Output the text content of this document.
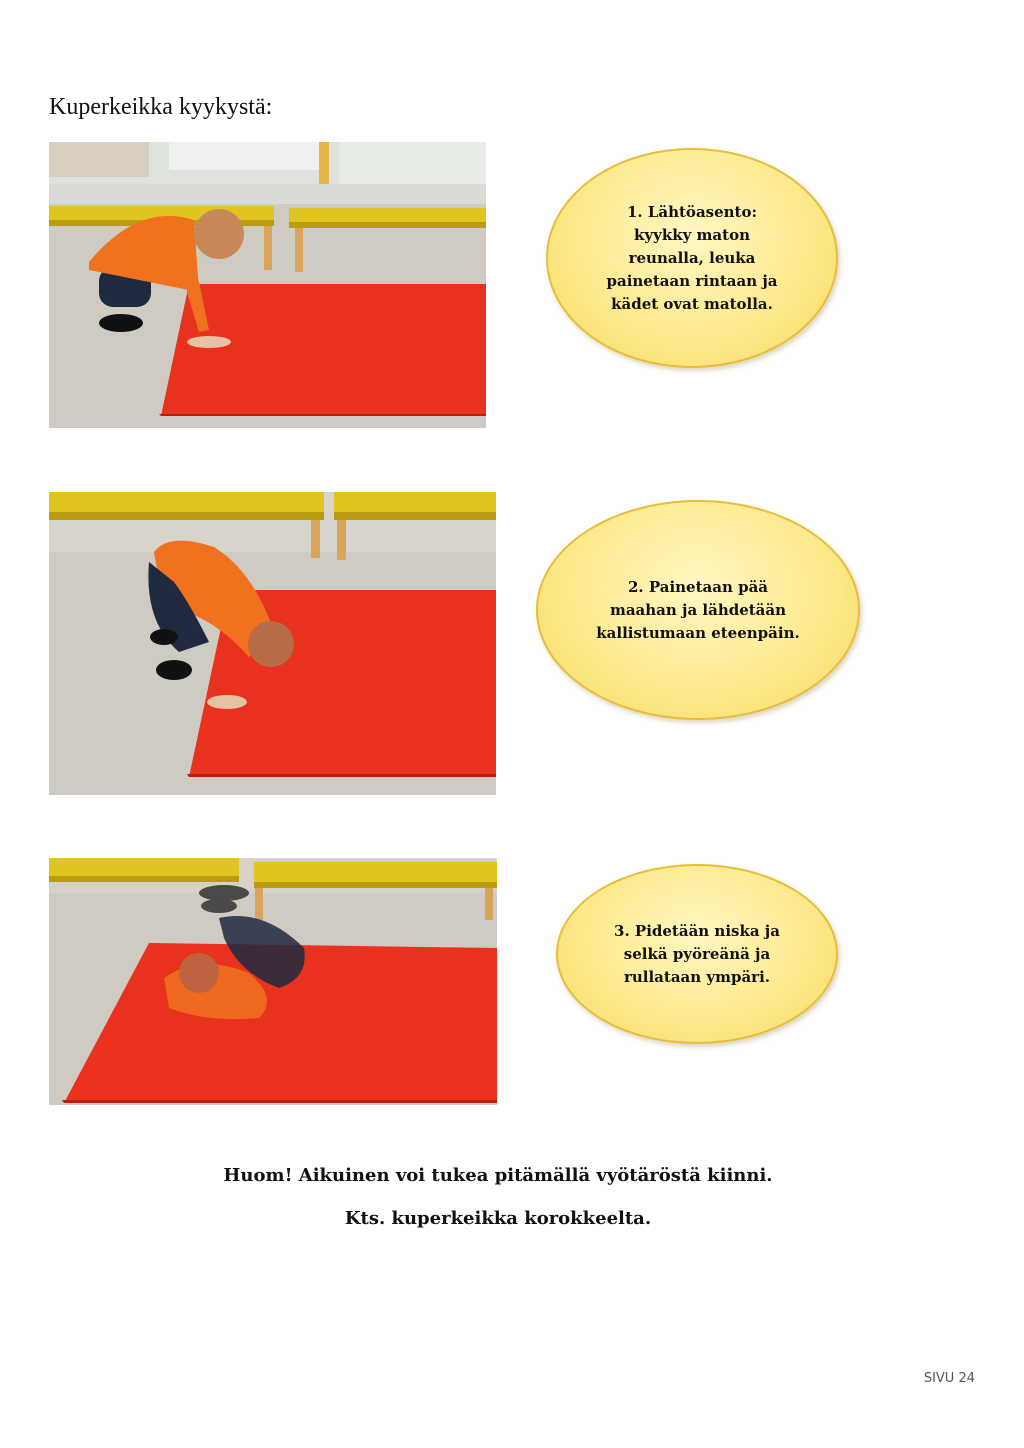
Kuperkeikka kyykystä:
1. Lähtöasento:
kyykky maton
reunalla, leuka
painetaan rintaan ja
kädet ovat matolla.
2. Painetaan pää
maahan ja lähdetään
kallistumaan eteenpäin.
3. Pidetään niska ja
selkä pyöreänä ja
rullataan ympäri.
Huom! Aikuinen voi tukea pitämällä vyötäröstä kiinni.
Kts. kuperkeikka korokkeelta.
SIVU 24
